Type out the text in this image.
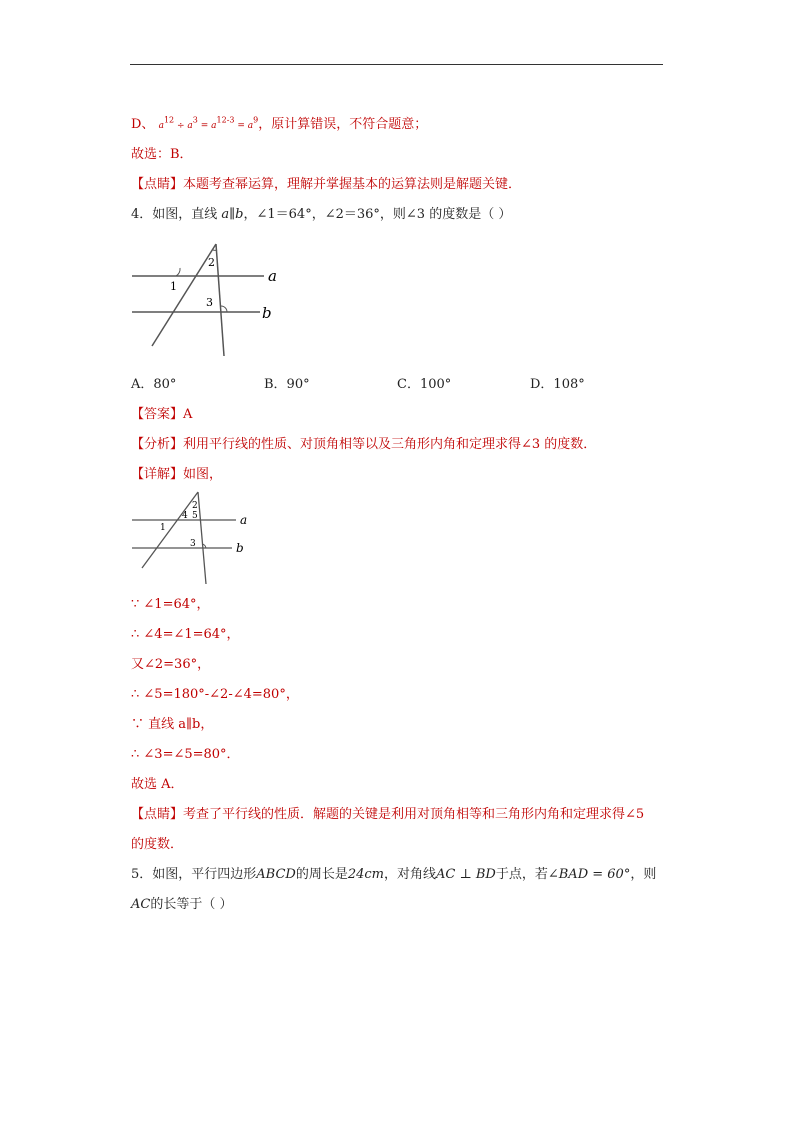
D、 $a^{12} \div a^3 = a^{12-3} = a^9$，原计算错误，不符合题意；
故选：B．
【点睛】本题考查幂运算，理解并掌握基本的运算法则是解题关键．
4．如图，直线 a∥b，∠1＝64°，∠2＝36°，则∠3 的度数是（ ）
1
2
3
a
b
A．80°	B．90°	C．100°	D．108°
【答案】A
【分析】利用平行线的性质、对顶角相等以及三角形内角和定理求得∠3 的度数．
【详解】如图，
1
2
3
4 5	a
b
∵ ∠1=64°，
∴ ∠4=∠1=64°，
又∠2=36°，
∴ ∠5=180°-∠2-∠4=80°，
∵ 直线 a∥b，
∴ ∠3=∠5=80°．
故选 A．
【点睛】考查了平行线的性质．解题的关键是利用对顶角相等和三角形内角和定理求得∠5
的度数．
5．如图，平行四边形ABCD的周长是24cm，对角线AC ⊥ BD于点，若∠BAD = 60°，则
AC的长等于（ ）
